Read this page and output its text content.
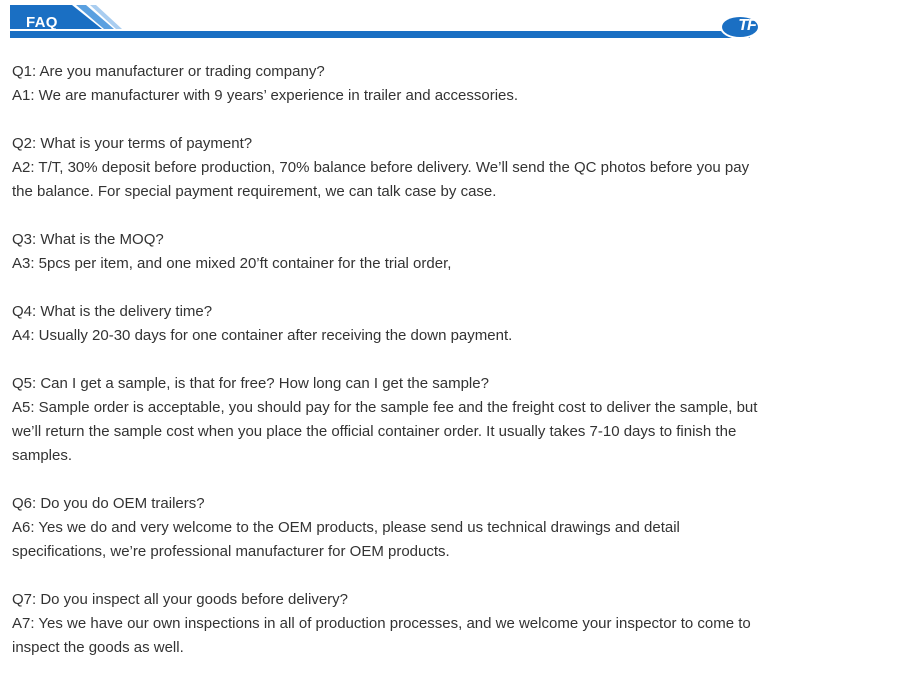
FAQ	TF

Q1: Are you manufacturer or trading company?

A1: We are manufacturer with 9 years’ experience in trailer and accessories.

Q2: What is your terms of payment?

A2: T/T, 30% deposit before production, 70% balance before delivery. We’ll send the QC photos before you pay the balance. For special payment requirement, we can talk case by case.

Q3: What is the MOQ?

A3: 5pcs per item, and one mixed 20’ft container for the trial order,

Q4: What is the delivery time?

A4: Usually 20-30 days for one container after receiving the down payment.

Q5: Can I get a sample, is that for free? How long can I get the sample?

A5: Sample order is acceptable, you should pay for the sample fee and the freight cost to deliver the sample, but we’ll return the sample cost when you place the official container order. It usually takes 7-10 days to finish the samples.

Q6: Do you do OEM trailers?

A6: Yes we do and very welcome to the OEM products, please send us technical drawings and detail specifications, we’re professional manufacturer for OEM products.

Q7: Do you inspect all your goods before delivery?

A7: Yes we have our own inspections in all of production processes, and we welcome your inspector to come to inspect the goods as well.
